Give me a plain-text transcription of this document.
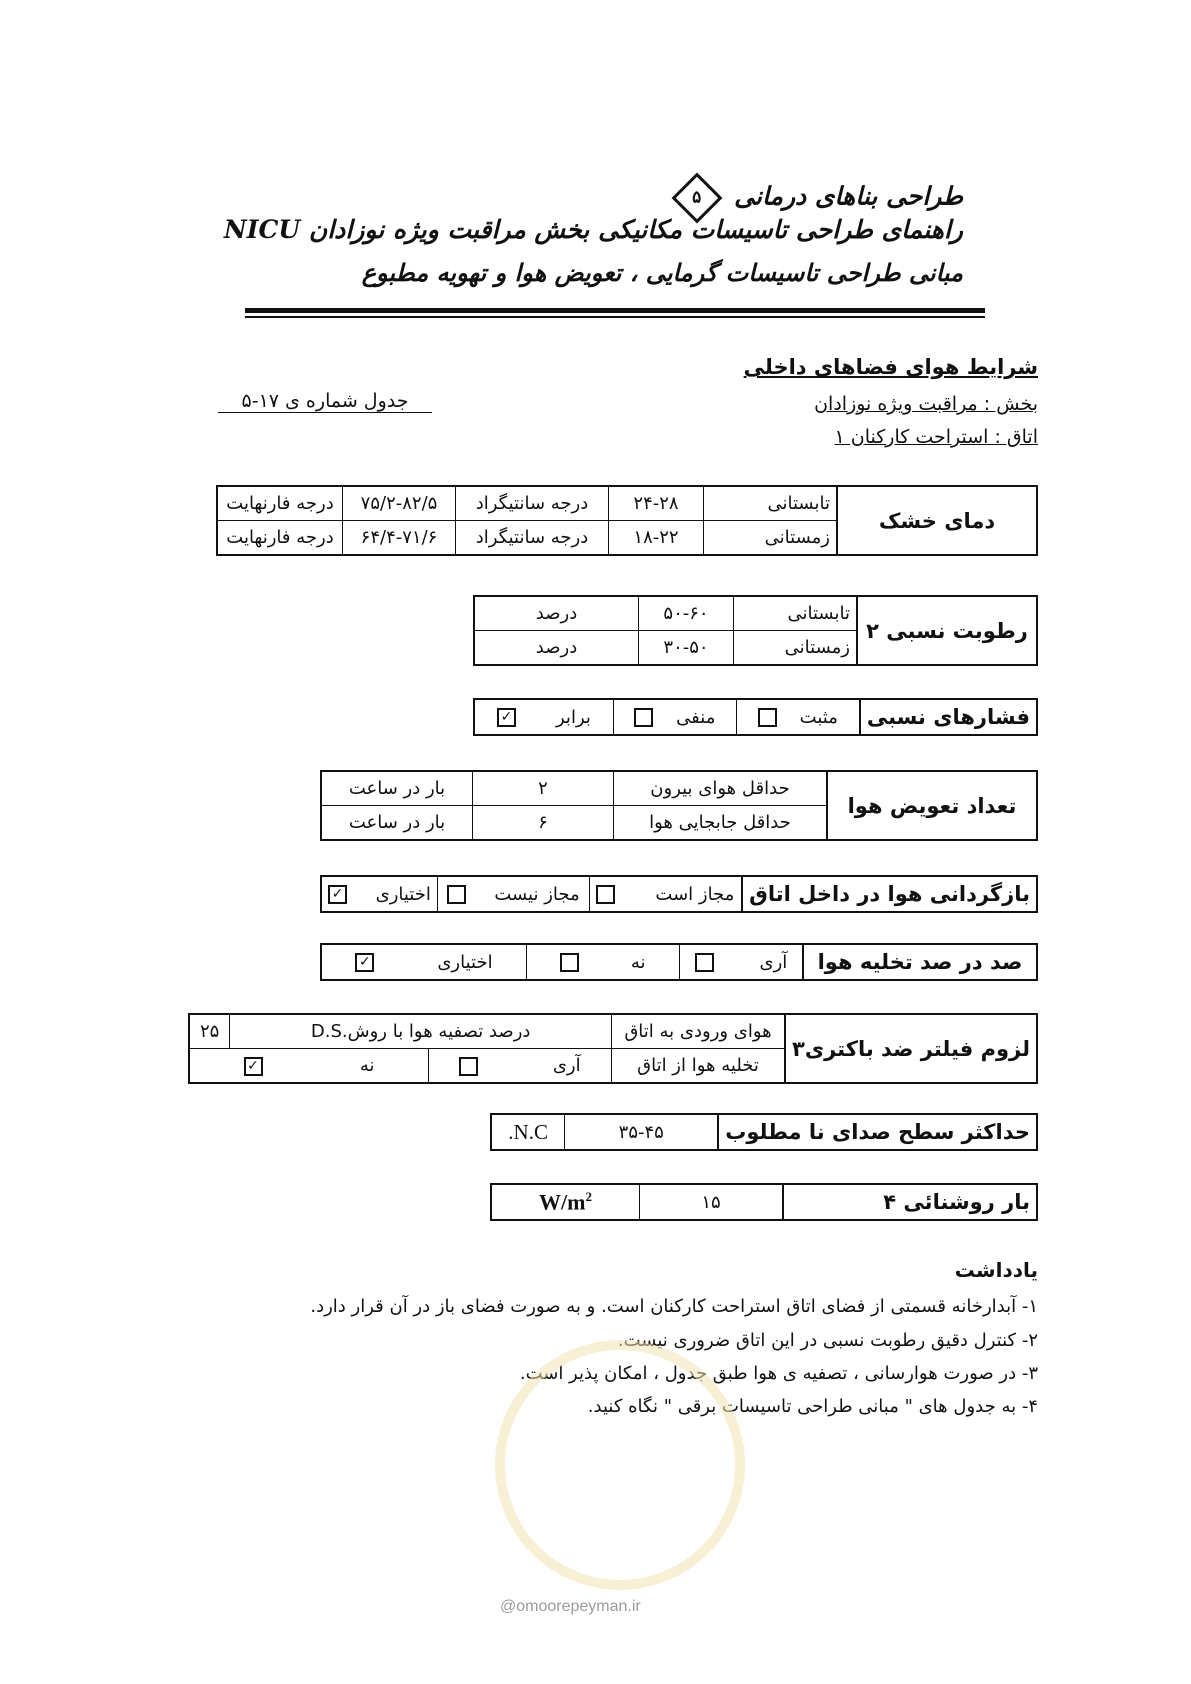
طراحی بناهای درمانی ۵
راهنمای طراحی تاسیسات مکانیکی بخش مراقبت ویژه نوزادان NICU
مبانی طراحی تاسیسات گرمایی ، تعویض هوا و تهویه مطبوع
شرایط هوای فضاهای داخلی
بخش : مراقبت ویژه نوزادان
اتاق : استراحت کارکنان ۱
جدول شماره ی ۱۷-۵
دمای خشک	تابستانی	۲۴-۲۸	درجه سانتیگراد	۷۵/۲-۸۲/۵	درجه فارنهایت
	زمستانی	۱۸-۲۲	درجه سانتیگراد	۶۴/۴-۷۱/۶	درجه فارنهایت
رطوبت نسبی ۲	تابستانی	۵۰-۶۰	درصد
	زمستانی	۳۰-۵۰	درصد
فشارهای نسبی	مثبت	منفی	برابر       ✓
تعداد تعویض هوا	حداقل هوای بیرون	۲	بار در ساعت
	حداقل جابجایی هوا	۶	بار در ساعت
بازگردانی هوا در داخل اتاق	مجاز است	مجاز نیست	اختیاری     ✓
صد در صد تخلیه هوا	آری	نه	اختیاری           ✓
لزوم فیلتر ضد باکتری۳	هوای ورودی به اتاق	درصد تصفیه هوا با روش.D.S		۲۵
	تخلیه هوا از اتاق	آری	نه                 ✓	
حداکثر سطح صدای نا مطلوب	۳۵-۴۵	N.C.
بار روشنائی ۴	۱۵	$W/m^2$
یادداشت
۱- آبدارخانه قسمتی از فضای اتاق استراحت کارکنان است. و به صورت فضای باز در آن قرار دارد.
۲- کنترل دقیق رطوبت نسبی در این اتاق ضروری نیست.
۳- در صورت هوارسانی ، تصفیه ی هوا طبق جدول ، امکان پذیر است.
۴- به جدول های " مبانی طراحی تاسیسات برقی " نگاه کنید.
@omoorepeyman.ir
